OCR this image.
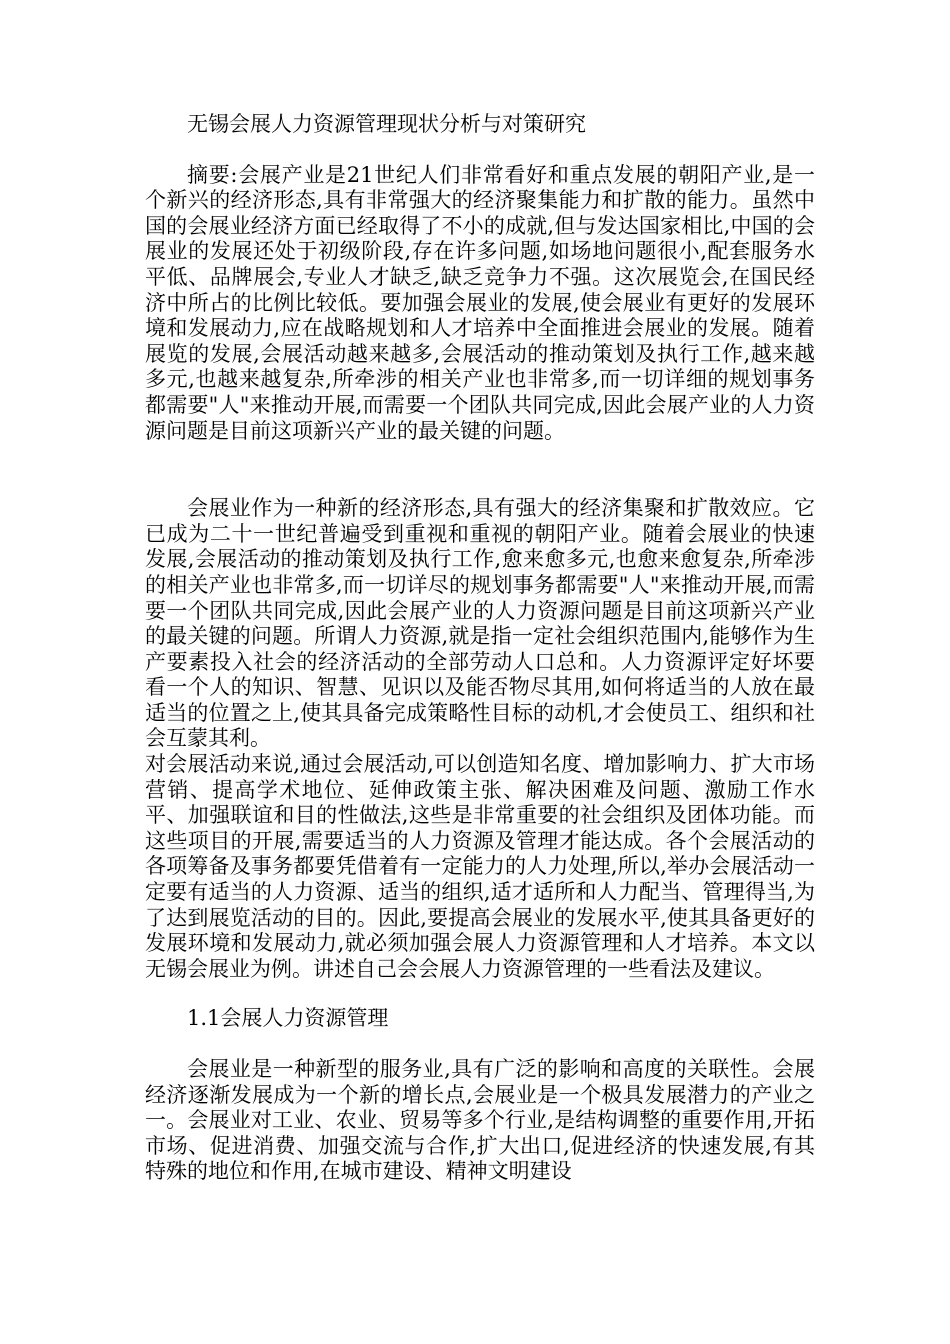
无锡会展人力资源管理现状分析与对策研究

摘要:会展产业是21世纪人们非常看好和重点发展的朝阳产业,是一个新兴的经济形态,具有非常强大的经济聚集能力和扩散的能力。虽然中国的会展业经济方面已经取得了不小的成就,但与发达国家相比,中国的会展业的发展还处于初级阶段,存在许多问题,如场地问题很小,配套服务水平低、品牌展会,专业人才缺乏,缺乏竞争力不强。这次展览会,在国民经济中所占的比例比较低。要加强会展业的发展,使会展业有更好的发展环境和发展动力,应在战略规划和人才培养中全面推进会展业的发展。随着展览的发展,会展活动越来越多,会展活动的推动策划及执行工作,越来越多元,也越来越复杂,所牵涉的相关产业也非常多,而一切详细的规划事务都需要"人"来推动开展,而需要一个团队共同完成,因此会展产业的人力资源问题是目前这项新兴产业的最关键的问题。

会展业作为一种新的经济形态,具有强大的经济集聚和扩散效应。它已成为二十一世纪普遍受到重视和重视的朝阳产业。随着会展业的快速发展,会展活动的推动策划及执行工作,愈来愈多元,也愈来愈复杂,所牵涉的相关产业也非常多,而一切详尽的规划事务都需要"人"来推动开展,而需要一个团队共同完成,因此会展产业的人力资源问题是目前这项新兴产业的最关键的问题。所谓人力资源,就是指一定社会组织范围内,能够作为生产要素投入社会的经济活动的全部劳动人口总和。人力资源评定好坏要看一个人的知识、智慧、见识以及能否物尽其用,如何将适当的人放在最适当的位置之上,使其具备完成策略性目标的动机,才会使员工、组织和社会互蒙其利。

对会展活动来说,通过会展活动,可以创造知名度、增加影响力、扩大市场营销、提高学术地位、延伸政策主张、解决困难及问题、激励工作水平、加强联谊和目的性做法,这些是非常重要的社会组织及团体功能。而这些项目的开展,需要适当的人力资源及管理才能达成。各个会展活动的各项筹备及事务都要凭借着有一定能力的人力处理,所以,举办会展活动一定要有适当的人力资源、适当的组织,适才适所和人力配当、管理得当,为了达到展览活动的目的。因此,要提高会展业的发展水平,使其具备更好的发展环境和发展动力,就必须加强会展人力资源管理和人才培养。本文以无锡会展业为例。讲述自己会会展人力资源管理的一些看法及建议。

1.1会展人力资源管理

会展业是一种新型的服务业,具有广泛的影响和高度的关联性。会展经济逐渐发展成为一个新的增长点,会展业是一个极具发展潜力的产业之一。会展业对工业、农业、贸易等多个行业,是结构调整的重要作用,开拓市场、促进消费、加强交流与合作,扩大出口,促进经济的快速发展,有其特殊的地位和作用,在城市建设、精神文明建设
